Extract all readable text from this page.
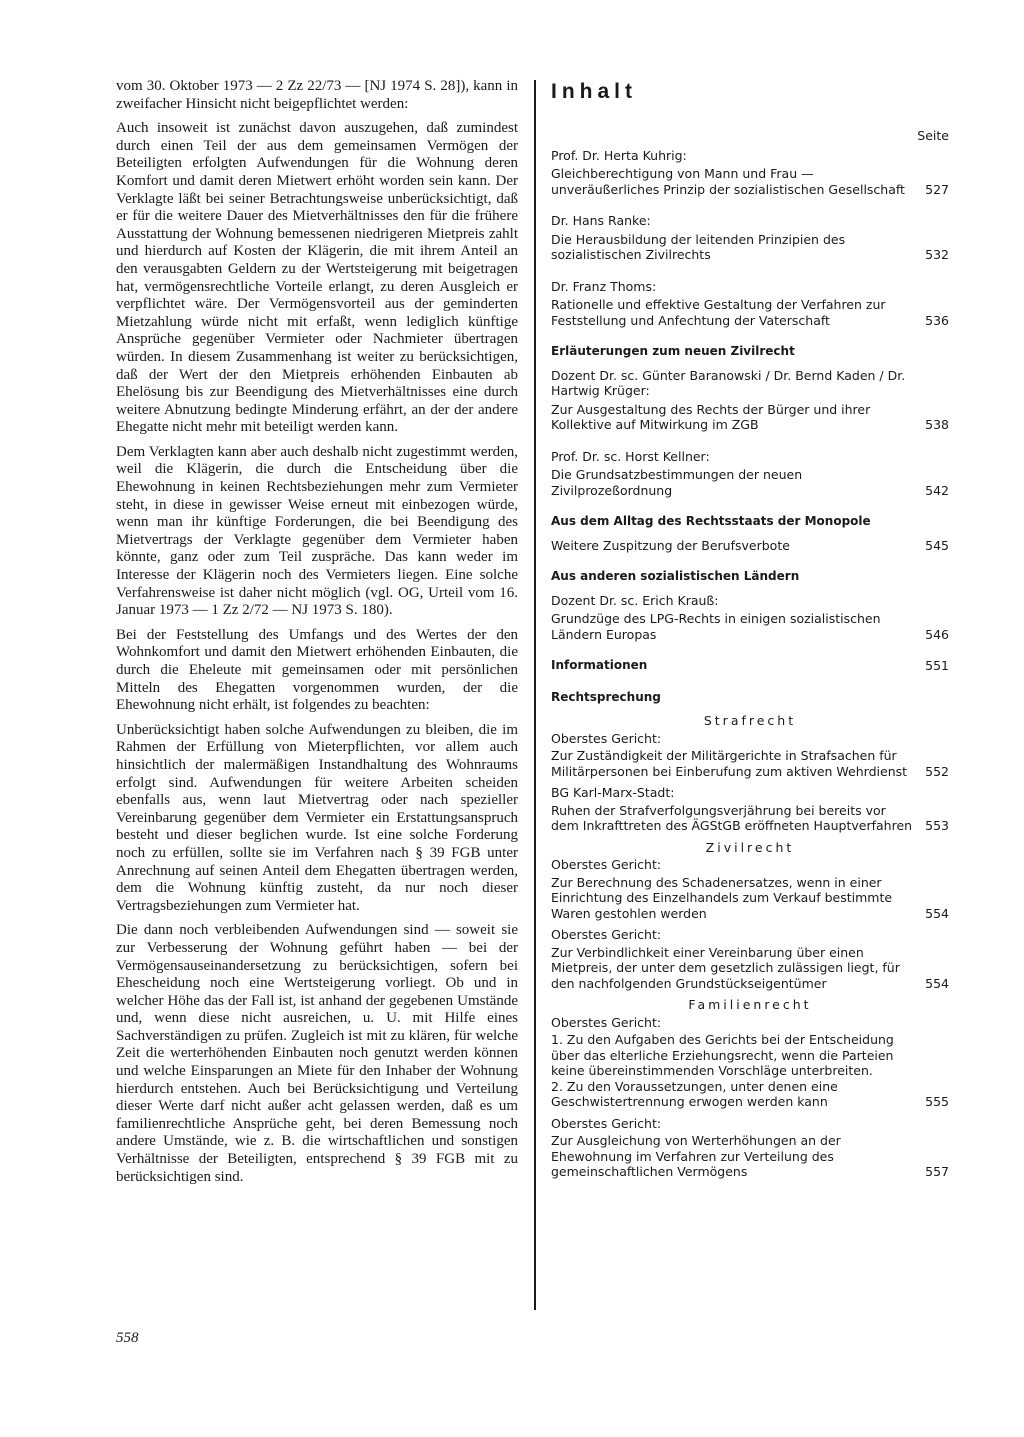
vom 30. Oktober 1973 — 2 Zz 22/73 — [NJ 1974 S. 28]), kann in zweifacher Hinsicht nicht beigepflichtet werden:

Auch insoweit ist zunächst davon auszugehen, daß zumindest durch einen Teil der aus dem gemeinsamen Vermögen der Beteiligten erfolgten Aufwendungen für die Wohnung deren Komfort und damit deren Mietwert erhöht worden sein kann. Der Verklagte läßt bei seiner Betrachtungsweise unberücksichtigt, daß er für die weitere Dauer des Mietverhältnisses den für die frühere Ausstattung der Wohnung bemessenen niedrigeren Mietpreis zahlt und hierdurch auf Kosten der Klägerin, die mit ihrem Anteil an den verausgabten Geldern zu der Wertsteigerung mit beigetragen hat, vermögensrechtliche Vorteile erlangt, zu deren Ausgleich er verpflichtet wäre. Der Vermögensvorteil aus der geminderten Mietzahlung würde nicht mit erfaßt, wenn lediglich künftige Ansprüche gegenüber Vermieter oder Nachmieter übertragen würden. In diesem Zusammenhang ist weiter zu berücksichtigen, daß der Wert der den Mietpreis erhöhenden Einbauten ab Ehelösung bis zur Beendigung des Mietverhältnisses eine durch weitere Abnutzung bedingte Minderung erfährt, an der der andere Ehegatte nicht mehr mit beteiligt werden kann.

Dem Verklagten kann aber auch deshalb nicht zugestimmt werden, weil die Klägerin, die durch die Entscheidung über die Ehewohnung in keinen Rechtsbeziehungen mehr zum Vermieter steht, in diese in gewisser Weise erneut mit einbezogen würde, wenn man ihr künftige Forderungen, die bei Beendigung des Mietvertrags der Verklagte gegenüber dem Vermieter haben könnte, ganz oder zum Teil zuspräche. Das kann weder im Interesse der Klägerin noch des Vermieters liegen. Eine solche Verfahrensweise ist daher nicht möglich (vgl. OG, Urteil vom 16. Januar 1973 — 1 Zz 2/72 — NJ 1973 S. 180).

Bei der Feststellung des Umfangs und des Wertes der den Wohnkomfort und damit den Mietwert erhöhenden Einbauten, die durch die Eheleute mit gemeinsamen oder mit persönlichen Mitteln des Ehegatten vorgenommen wurden, der die Ehewohnung nicht erhält, ist folgendes zu beachten:

Unberücksichtigt haben solche Aufwendungen zu bleiben, die im Rahmen der Erfüllung von Mieterpflichten, vor allem auch hinsichtlich der malermäßigen Instandhaltung des Wohnraums erfolgt sind. Aufwendungen für weitere Arbeiten scheiden ebenfalls aus, wenn laut Mietvertrag oder nach spezieller Vereinbarung gegenüber dem Vermieter ein Erstattungsanspruch besteht und dieser beglichen wurde. Ist eine solche Forderung noch zu erfüllen, sollte sie im Verfahren nach § 39 FGB unter Anrechnung auf seinen Anteil dem Ehegatten übertragen werden, dem die Wohnung künftig zusteht, da nur noch dieser Vertragsbeziehungen zum Vermieter hat.

Die dann noch verbleibenden Aufwendungen sind — soweit sie zur Verbesserung der Wohnung geführt haben — bei der Vermögensauseinandersetzung zu berücksichtigen, sofern bei Ehescheidung noch eine Wertsteigerung vorliegt. Ob und in welcher Höhe das der Fall ist, ist anhand der gegebenen Umstände und, wenn diese nicht ausreichen, u. U. mit Hilfe eines Sachverständigen zu prüfen. Zugleich ist mit zu klären, für welche Zeit die werterhöhenden Einbauten noch genutzt werden können und welche Einsparungen an Miete für den Inhaber der Wohnung hierdurch entstehen. Auch bei Berücksichtigung und Verteilung dieser Werte darf nicht außer acht gelassen werden, daß es um familienrechtliche Ansprüche geht, bei deren Bemessung noch andere Umstände, wie z. B. die wirtschaftlichen und sonstigen Verhältnisse der Beteiligten, entsprechend § 39 FGB mit zu berücksichtigen sind.

558
Inhalt
Seite
Prof. Dr. Herta Kuhrig:
Gleichberechtigung von Mann und Frau — unveräußerliches Prinzip der sozialistischen Gesellschaft	527
Dr. Hans Ranke:
Die Herausbildung der leitenden Prinzipien des sozialistischen Zivilrechts	532
Dr. Franz Thoms:
Rationelle und effektive Gestaltung der Verfahren zur Feststellung und Anfechtung der Vaterschaft	536
Erläuterungen zum neuen Zivilrecht
Dozent Dr. sc. Günter Baranowski / Dr. Bernd Kaden / Dr. Hartwig Krüger:
Zur Ausgestaltung des Rechts der Bürger und ihrer Kollektive auf Mitwirkung im ZGB	538
Prof. Dr. sc. Horst Kellner:
Die Grundsatzbestimmungen der neuen Zivilprozeßordnung	542
Aus dem Alltag des Rechtsstaats der Monopole
Weitere Zuspitzung der Berufsverbote	545
Aus anderen sozialistischen Ländern
Dozent Dr. sc. Erich Krauß:
Grundzüge des LPG-Rechts in einigen sozialistischen Ländern Europas	546
Informationen	551
Rechtsprechung
Strafrecht
Oberstes Gericht:
Zur Zuständigkeit der Militärgerichte in Strafsachen für Militärpersonen bei Einberufung zum aktiven Wehrdienst	552
BG Karl-Marx-Stadt:
Ruhen der Strafverfolgungsverjährung bei bereits vor dem Inkrafttreten des ÄGStGB eröffneten Hauptverfahren	553
Zivilrecht
Oberstes Gericht:
Zur Berechnung des Schadenersatzes, wenn in einer Einrichtung des Einzelhandels zum Verkauf bestimmte Waren gestohlen werden	554
Oberstes Gericht:
Zur Verbindlichkeit einer Vereinbarung über einen Mietpreis, der unter dem gesetzlich zulässigen liegt, für den nachfolgenden Grundstückseigentümer	554
Familienrecht
Oberstes Gericht:
1. Zu den Aufgaben des Gerichts bei der Entscheidung über das elterliche Erziehungsrecht, wenn die Parteien keine übereinstimmenden Vorschläge unterbreiten.
2. Zu den Voraussetzungen, unter denen eine Geschwistertrennung erwogen werden kann	555
Oberstes Gericht:
Zur Ausgleichung von Werterhöhungen an der Ehewohnung im Verfahren zur Verteilung des gemeinschaftlichen Vermögens	557
